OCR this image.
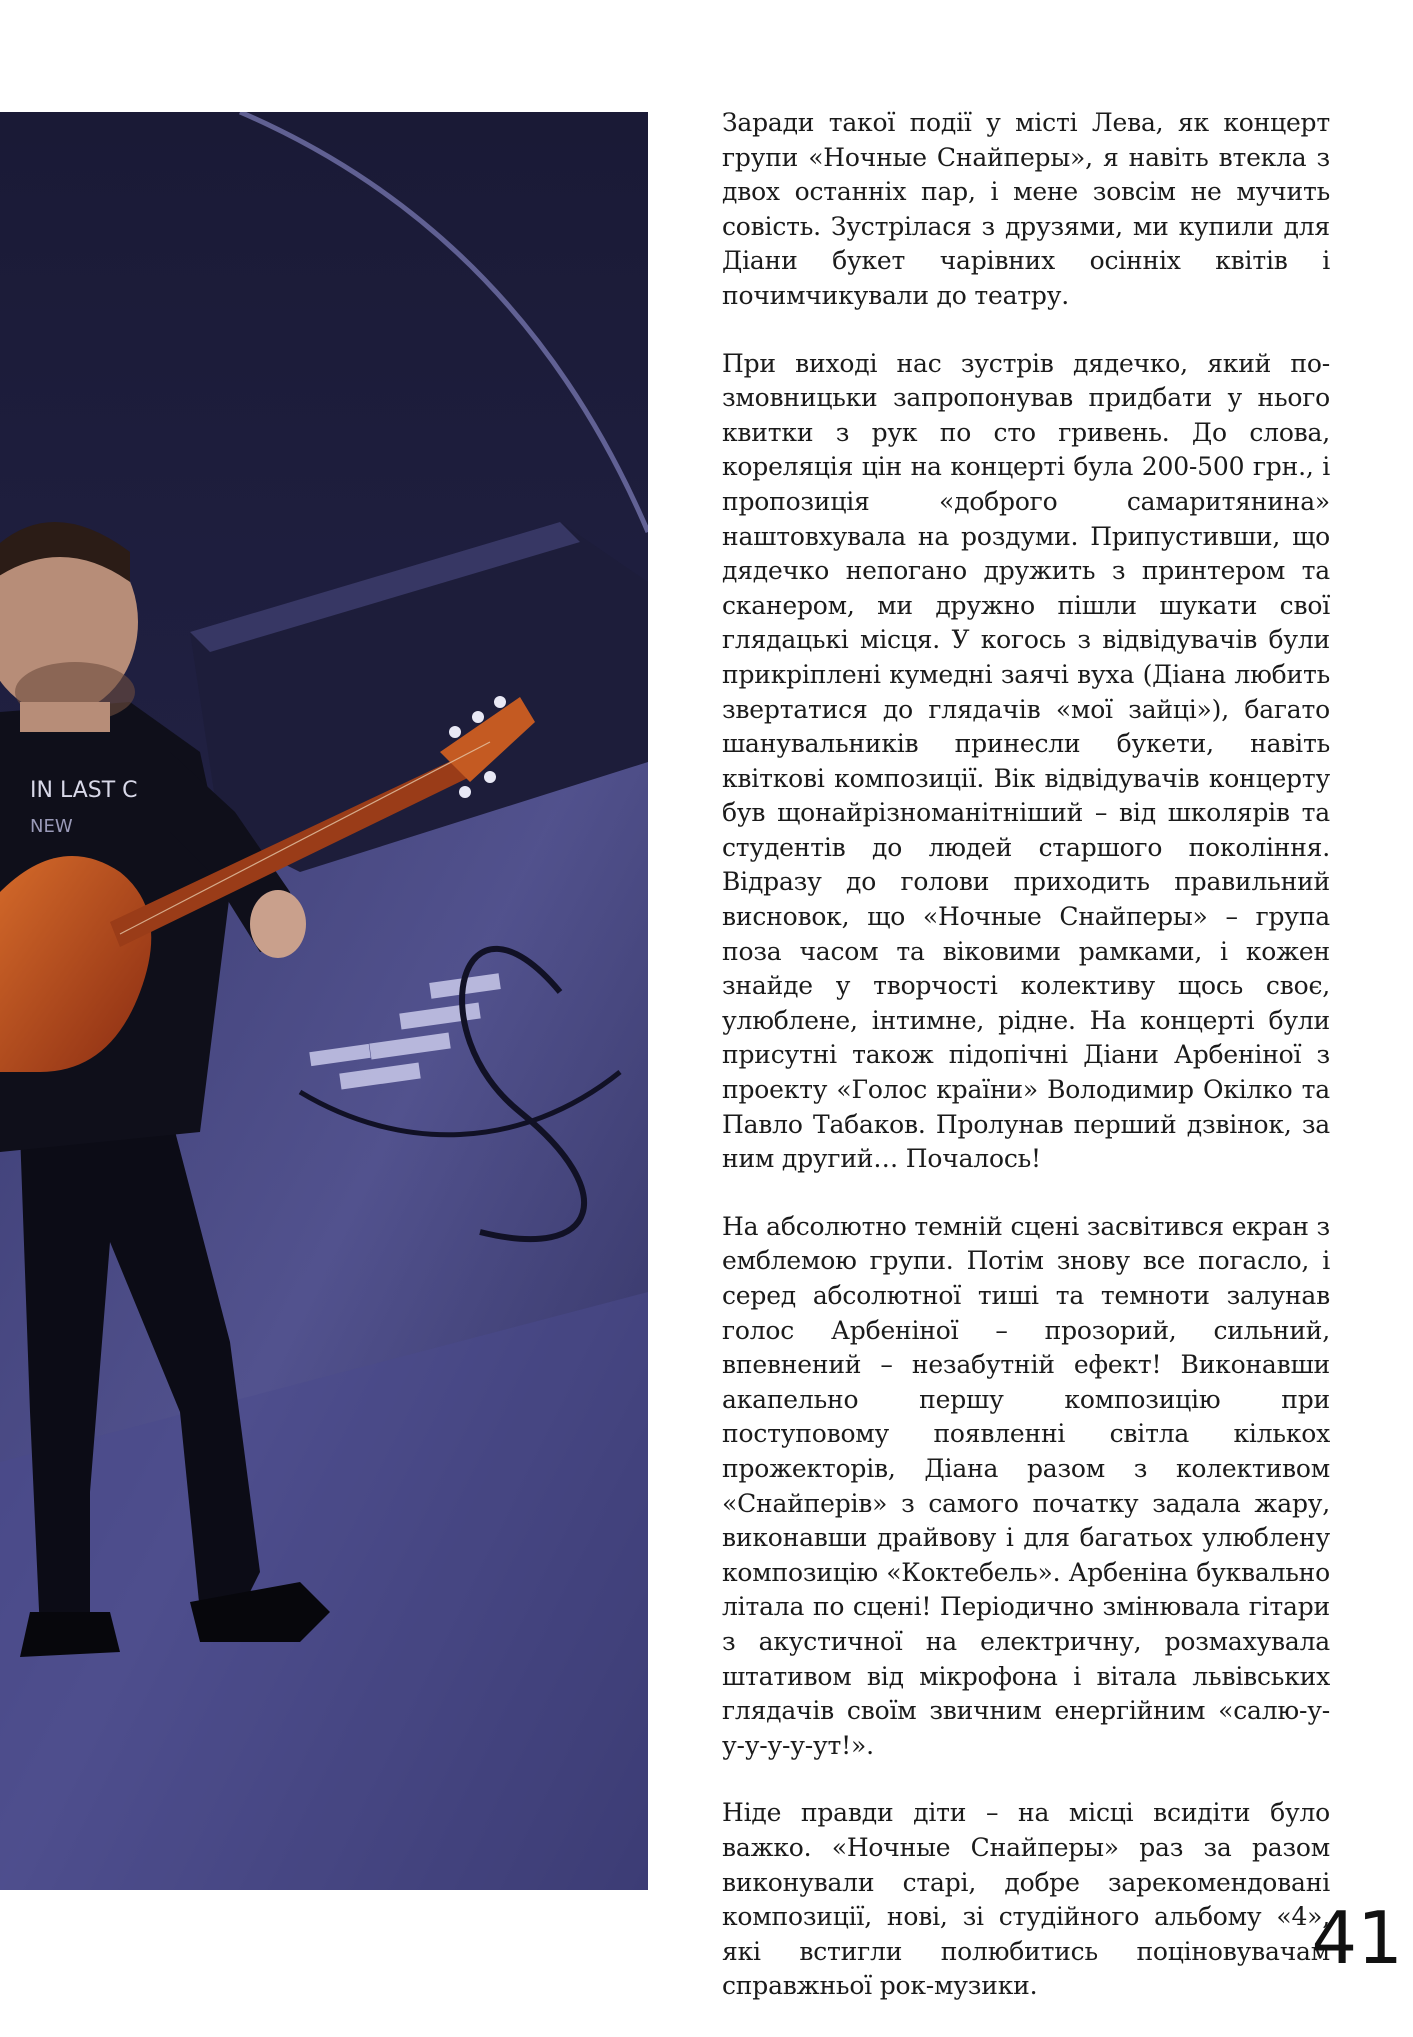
IN LAST C
NEW

Заради такої події у місті Лева, як концерт групи «Ночные Снайперы», я навіть втекла з двох останніх пар, і мене зовсім не мучить совість. Зустрілася з друзями, ми купили для Діани букет чарівних осінніх квітів і почимчикували до театру.

При виході нас зустрів дядечко, який по-змовницьки запропонував придбати у нього квитки з рук по сто гривень. До слова, кореляція цін на концерті була 200-500 грн., і пропозиція «доброго самаритянина» наштовхувала на роздуми. Припустивши, що дядечко непогано дружить з принтером та сканером, ми дружно пішли шукати свої глядацькі місця. У когось з відвідувачів були прикріплені кумедні заячі вуха (Діана любить звертатися до глядачів «мої зайці»), багато шанувальників принесли букети, навіть квіткові композиції. Вік відвідувачів концерту був щонайрізноманітніший – від школярів та студентів до людей старшого покоління. Відразу до голови приходить правильний висновок, що «Ночные Снайперы» – група поза часом та віковими рамками, і кожен знайде у творчості колективу щось своє, улюблене, інтимне, рідне. На концерті були присутні також підопічні Діани Арбеніної з проекту «Голос країни» Володимир Окілко та Павло Табаков. Пролунав перший дзвінок, за ним другий… Почалось!

На абсолютно темній сцені засвітився екран з емблемою групи. Потім знову все погасло, і серед абсолютної тиші та темноти залунав голос Арбеніної – прозорий, сильний, впевнений – незабутній ефект! Виконавши акапельно першу композицію при поступовому появленні світла кількох прожекторів, Діана разом з колективом «Снайперів» з самого початку задала жару, виконавши драйвову і для багатьох улюблену композицію «Коктебель». Арбеніна буквально літала по сцені! Періодично змінювала гітари з акустичної на електричну, розмахувала штативом від мікрофона і вітала львівських глядачів своїм звичним енергійним «салю-у-у-у-у-у-ут!».

Ніде правди діти – на місці всидіти було важко. «Ночные Снайперы» раз за разом виконували старі, добре зарекомендовані композиції, нові, зі студійного альбому «4», які встигли полюбитись поціновувачам справжньої рок-музики.

41
